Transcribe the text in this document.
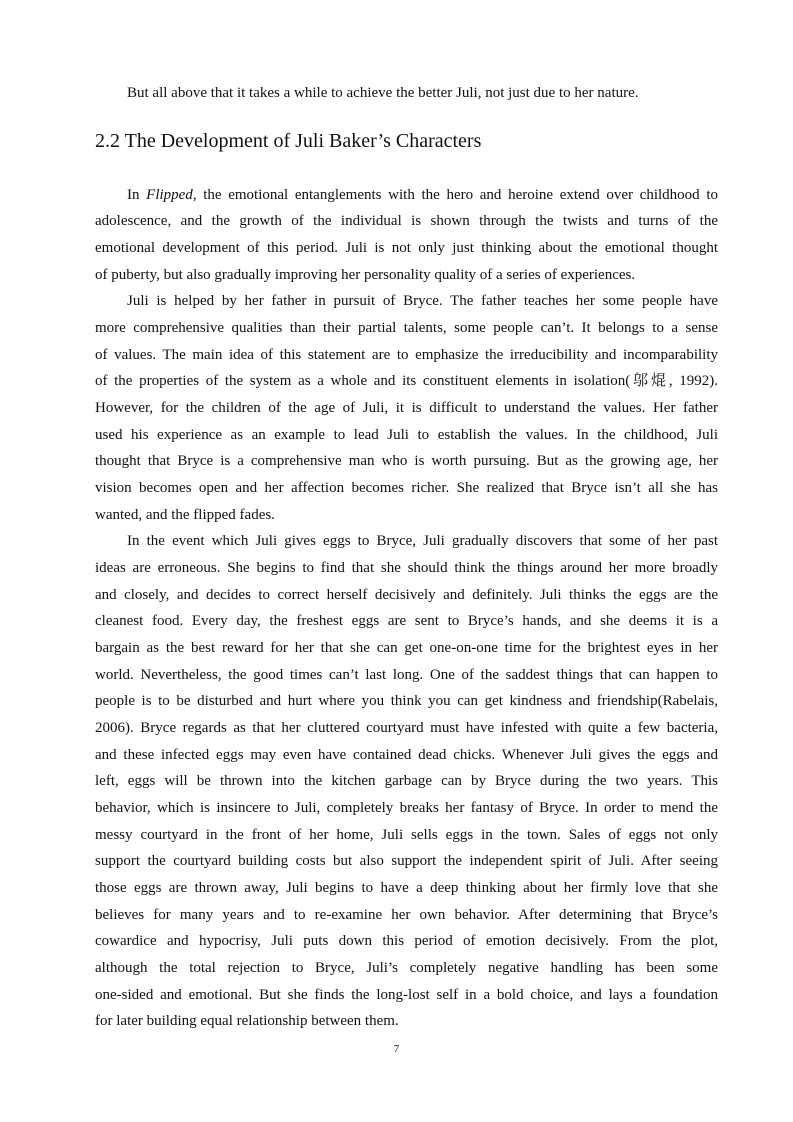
But all above that it takes a while to achieve the better Juli, not just due to her nature.
2.2 The Development of Juli Baker’s Characters
In Flipped, the emotional entanglements with the hero and heroine extend over childhood to
adolescence, and the growth of the individual is shown through the twists and turns of the
emotional development of this period. Juli is not only just thinking about the emotional thought
of puberty, but also gradually improving her personality quality of a series of experiences.
Juli is helped by her father in pursuit of Bryce. The father teaches her some people have
more comprehensive qualities than their partial talents, some people can’t. It belongs to a sense
of values. The main idea of this statement are to emphasize the irreducibility and incomparability
of the properties of the system as a whole and its constituent elements in isolation(邬焜, 1992).
However, for the children of the age of Juli, it is difficult to understand the values. Her father
used his experience as an example to lead Juli to establish the values. In the childhood, Juli
thought that Bryce is a comprehensive man who is worth pursuing. But as the growing age, her
vision becomes open and her affection becomes richer. She realized that Bryce isn’t all she has
wanted, and the flipped fades.
In the event which Juli gives eggs to Bryce, Juli gradually discovers that some of her past
ideas are erroneous. She begins to find that she should think the things around her more broadly
and closely, and decides to correct herself decisively and definitely. Juli thinks the eggs are the
cleanest food. Every day, the freshest eggs are sent to Bryce’s hands, and she deems it is a
bargain as the best reward for her that she can get one-on-one time for the brightest eyes in her
world. Nevertheless, the good times can’t last long. One of the saddest things that can happen to
people is to be disturbed and hurt where you think you can get kindness and friendship(Rabelais,
2006). Bryce regards as that her cluttered courtyard must have infested with quite a few bacteria,
and these infected eggs may even have contained dead chicks. Whenever Juli gives the eggs and
left, eggs will be thrown into the kitchen garbage can by Bryce during the two years. This
behavior, which is insincere to Juli, completely breaks her fantasy of Bryce. In order to mend the
messy courtyard in the front of her home, Juli sells eggs in the town. Sales of eggs not only
support the courtyard building costs but also support the independent spirit of Juli. After seeing
those eggs are thrown away, Juli begins to have a deep thinking about her firmly love that she
believes for many years and to re-examine her own behavior. After determining that Bryce’s
cowardice and hypocrisy, Juli puts down this period of emotion decisively. From the plot,
although the total rejection to Bryce, Juli’s completely negative handling has been some
one-sided and emotional. But she finds the long-lost self in a bold choice, and lays a foundation
for later building equal relationship between them.
7
